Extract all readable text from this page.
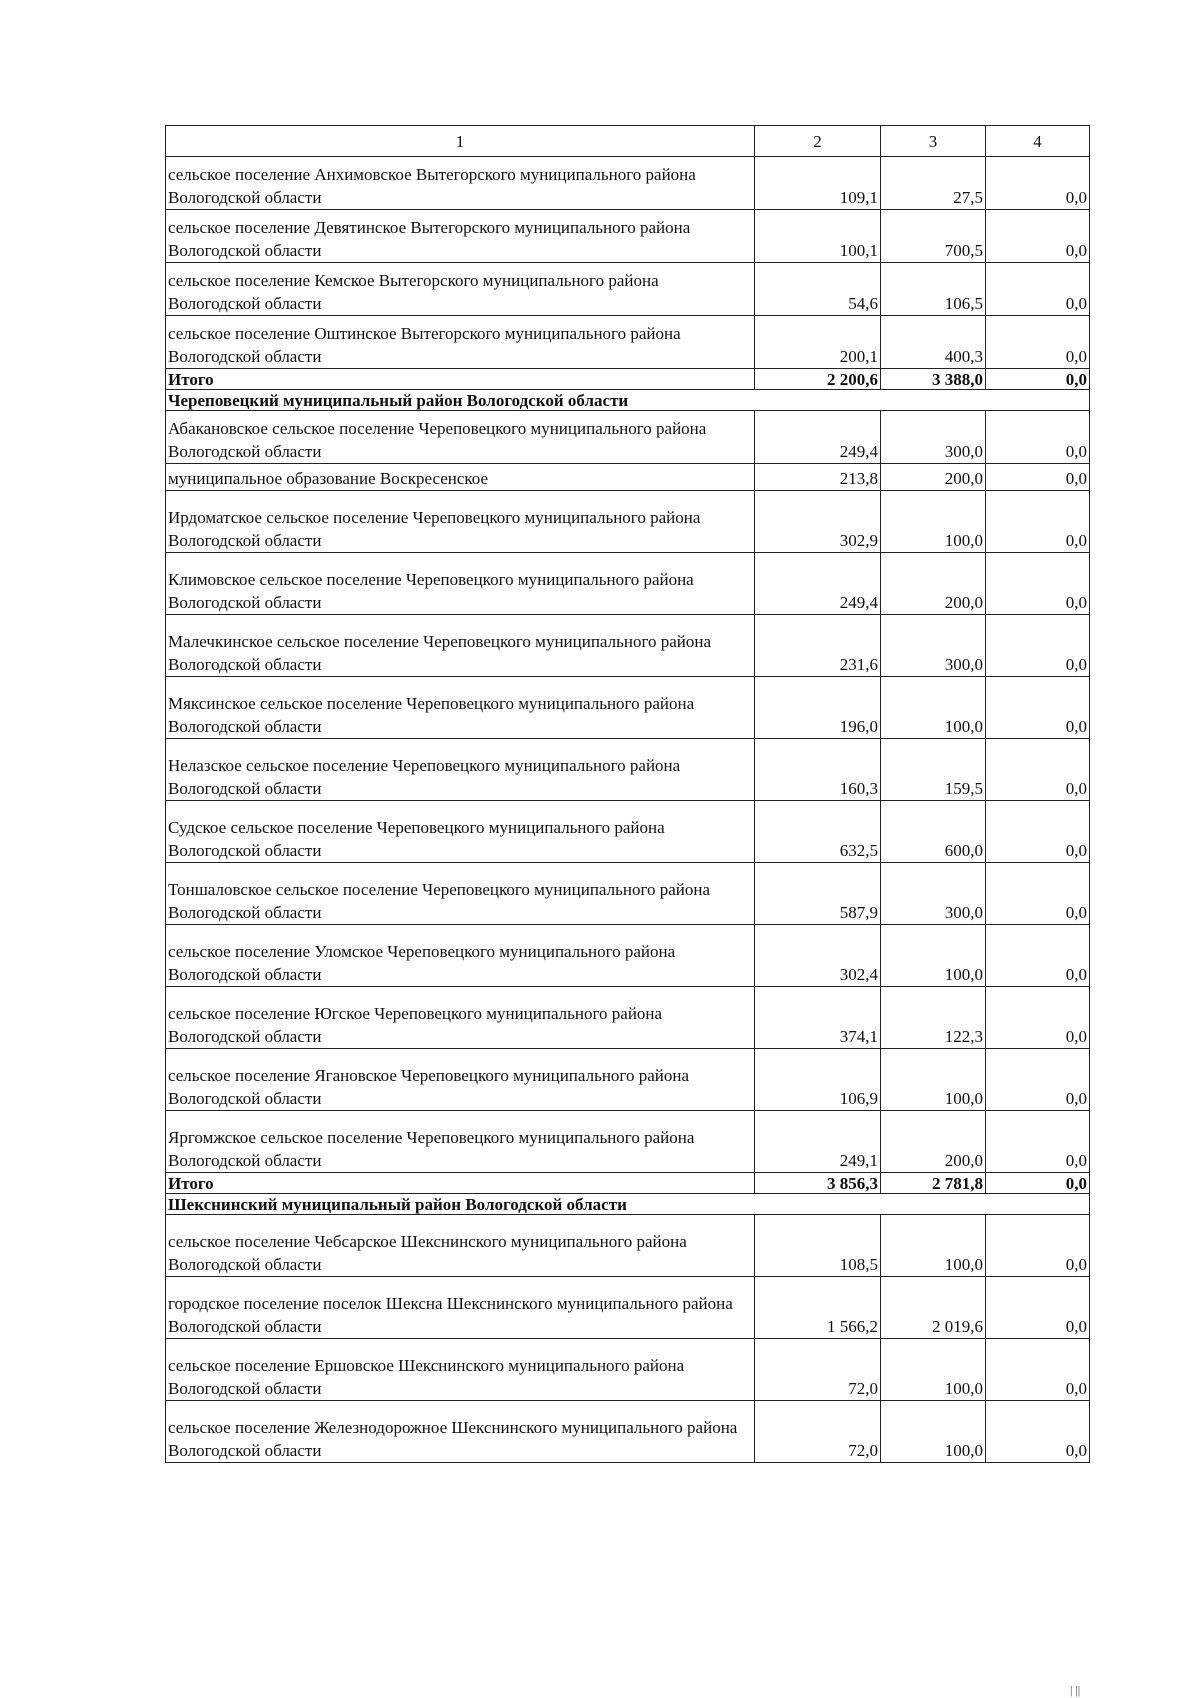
1	2	3	4
сельское поселение Анхимовское Вытегорского муниципального района Вологодской области	109,1	27,5	0,0
сельское поселение Девятинское Вытегорского муниципального района Вологодской области	100,1	700,5	0,0
сельское поселение Кемское Вытегорского муниципального района Вологодской области	54,6	106,5	0,0
сельское поселение Оштинское Вытегорского муниципального района Вологодской области	200,1	400,3	0,0
Итого	2 200,6	3 388,0	0,0
Череповецкий муниципальный район Вологодской области			
Абакановское сельское поселение Череповецкого муниципального района Вологодской области	249,4	300,0	0,0
муниципальное образование Воскресенское	213,8	200,0	0,0
Ирдоматское сельское поселение Череповецкого муниципального района Вологодской области	302,9	100,0	0,0
Климовское сельское поселение Череповецкого муниципального района Вологодской области	249,4	200,0	0,0
Малечкинское сельское поселение Череповецкого муниципального района Вологодской области	231,6	300,0	0,0
Мяксинское сельское поселение Череповецкого муниципального района Вологодской области	196,0	100,0	0,0
Нелазское сельское поселение Череповецкого муниципального района Вологодской области	160,3	159,5	0,0
Судское сельское поселение Череповецкого муниципального района Вологодской области	632,5	600,0	0,0
Тоншаловское сельское поселение Череповецкого муниципального района Вологодской области	587,9	300,0	0,0
сельское поселение Уломское Череповецкого муниципального района Вологодской области	302,4	100,0	0,0
сельское поселение Югское Череповецкого муниципального района Вологодской области	374,1	122,3	0,0
сельское поселение Ягановское Череповецкого муниципального района Вологодской области	106,9	100,0	0,0
Яргомжское сельское поселение Череповецкого муниципального района Вологодской области	249,1	200,0	0,0
Итого	3 856,3	2 781,8	0,0
Шекснинский муниципальный район Вологодской области			
сельское поселение Чебсарское Шекснинского муниципального района Вологодской области	108,5	100,0	0,0
городское поселение поселок Шексна Шекснинского муниципального района Вологодской области	1 566,2	2 019,6	0,0
сельское поселение Ершовское Шекснинского муниципального района Вологодской области	72,0	100,0	0,0
сельское поселение Железнодорожное Шекснинского муниципального района Вологодской области	72,0	100,0	0,0
| ||
